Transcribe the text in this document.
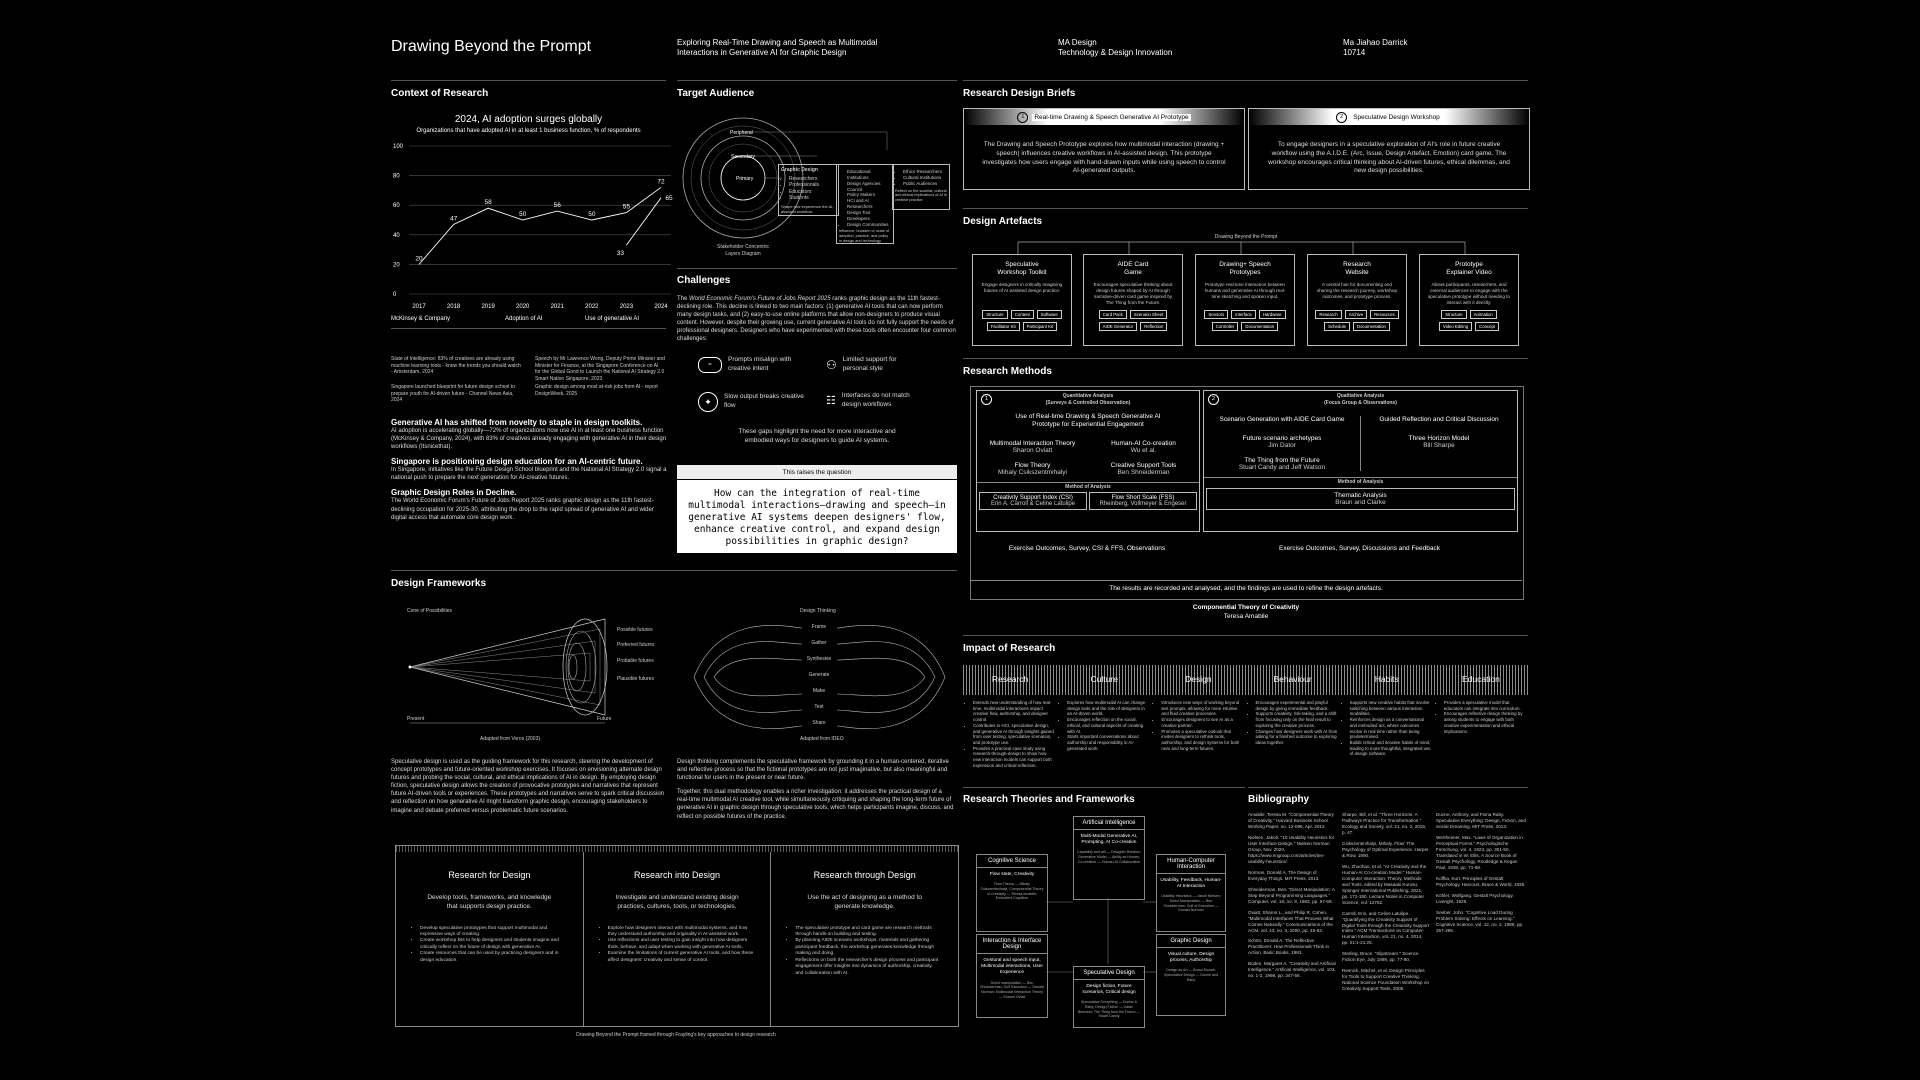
Drawing Beyond the Prompt	Exploring Real-Time Drawing and Speech as Multimodal
Interactions in Generative AI for Graphic Design
MA Design
Technology & Design Innovation
Ma Jiahao Darrick
10714
Context of Research
2024, AI adoption surges globally
Organizations that have adopted AI in at least 1 business function, % of respondents
0
20
40
60
80
100
2017	2018	2019	2020	2021	2022	2023	2024
20
47
58
50
56
50
55
72
33
65
McKinsey & Company	Adoption of AI	Use of generative AI
State of Intelligence: 83% of creatives are already using machine learning tools - know the trends you should watch - Amsterdam, 2024
Speech by Mr Lawrence Wong, Deputy Prime Minister and Minister for Finance, at the Singapore Conference on AI for the Global Good to Launch the National AI Strategy 2.0 Smart Nation Singapore, 2023
Singapore launched blueprint for future design school to prepare youth for AI-driven future - Channel News Asia, 2024
Graphic design among most at-risk jobs from AI - report DesignWeek, 2025
Generative AI has shifted from novelty to staple in design toolkits.
AI adoption is accelerating globally—72% of organizations now use AI in at least one business function (McKinsey & Company, 2024), with 83% of creatives already engaging with generative AI in their design workflows (Itsnicethat).
Singapore is positioning design education for an AI-centric future.
In Singapore, initiatives like the Future Design School blueprint and the National AI Strategy 2.0 signal a national push to prepare the next generation for AI-creative futures.
Graphic Design Roles in Decline.
The World Economic Forum's Future of Jobs Report 2025 ranks graphic design as the 11th fastest-declining occupation for 2025-30, attributing the drop to the rapid spread of generative AI and wider digital access that automate core design work.
Target Audience
Peripheral
Secondary
Primary
Stakeholder Concentric Layers Diagram
Graphic Design
• Researchers
• Professionals
• Educators
• Students
Shape and experience the AI-assisted workflow
• Educational Institutions
• Design Agencies
• Council
• Policy Makers
• HCI and AI Researchers
• Design Tool Developers
• Design Communities
Influence, broaden or scale of adoption, practice, and policy in design and technology
• Ethics Researchers
• Cultural Institutions
• Public Audiences
Reflect on the societal, cultural and ethical implications of AI in creative practice
Challenges
The World Economic Forum's Future of Jobs Report 2025 ranks graphic design as the 11th fastest-declining role. This decline is linked to two main factors: (1) generative AI tools that can now perform many design tasks, and (2) easy-to-use online platforms that allow non-designers to produce visual content. However, despite their growing use, current generative AI tools do not fully support the needs of professional designers. Designers who have experimented with these tools often encounter four common challenges:
≈
Prompts misalign with creative intent	⚇ Limited support for personal style
✦
Slow output breaks creative flow	☷ Interfaces do not match design workflows
These gaps highlight the need for more interactive and embodied ways for designers to guide AI systems.
This raises the question
How can the integration of real-time multimodal interactions—drawing and speech—in generative AI systems deepen designers' flow, enhance creative control, and expand design possibilities in graphic design?
Research Design Briefs
1	Real-time Drawing & Speech Generative AI Prototype
The Drawing and Speech Prototype explores how multimodal interaction (drawing + speech) influences creative workflows in AI-assisted design. This prototype investigates how users engage with hand-drawn inputs while using speech to control AI-generated outputs.
2	Speculative Design Workshop
To engage designers in a speculative exploration of AI's role in future creative workflow using the A.I.D.E. (Arc, Issue, Design Artefact, Emotion) card game. The workshop encourages critical thinking about AI-driven futures, ethical dilemmas, and new design possibilities.
Design Artefacts
Drawing Beyond the Prompt
Speculative
Workshop Toolkit
Engage designers in critically imagining futures of AI-assisted design practice.
Structure	Content	Software
Facilitator Kit	Participant Kit
AIDE Card
Game
Encourages speculative thinking about design futures shaped by AI through narrative-driven card game inspired by The Thing from the Future.
Card Pack	Scenario Sheet
AIDE Generator	Reflection
Drawing+ Speech
Prototypes
Prototype real-time interaction between humans and generative AI through real-time sketching and spoken input.
Sensors	Interface	Hardware
Controller	Documentation
Research
Website
A central hub for documenting and sharing the research journey, workshop outcomes, and prototype process.
Research	Archive	Resources
Schedule	Documentation
Prototype
Explainer Video
Allows participants, researchers, and external audiences to engage with the speculative prototype without needing to interact with it directly.
Structure	Animation
Video Editing	Concept
Research Methods
1	Quantitative Analysis
(Surveys & Controlled Observation)
Use of Real-time Drawing & Speech Generative AI
Prototype for Experiential Engagement
Multimodal Interaction Theory
Sharon Oviatt
Human-AI Co-creation
Wu et al.
Flow Theory
Mihaly Csikszentmihalyi
Creative Support Tools
Ben Shneiderman
Method of Analysis
Creativity Support Index (CSI)
Erin A. Carroll & Celine Latulipe
Flow Short Scale (FSS)
Rheinberg, Vollmeyer & Engeser
2	Qualitative Analysis
(Focus Group & Observations)
Scenario Generation with AIDE Card Game
Future scenario archetypes
Jim Dator
The Thing from the Future
Stuart Candy and Jeff Watson
Guided Reflection and Critical Discussion
Three Horizon Model
Bill Sharpe
Method of Analysis
Thematic Analysis
Braun and Clarke
Exercise Outcomes, Survey, CSI & FFS, Observations	Exercise Outcomes, Survey, Discussions and Feedback
The results are recorded and analysed, and the findings are used to refine the design artefacts.
Componential Theory of Creativity
Teresa Amabile
Design Frameworks
Cone of Possibilities
Possible futures
Preferred futures
Probable futures
Plausible futures
Present	Future
Adapted from Voros (2003)
Design Thinking
Frame
Gather
Synthesise
Generate
Make
Test
Share
Adapted from IDEO
Speculative design is used as the guiding framework for this research, steering the development of concept prototypes and future-oriented workshop exercises. It focuses on envisioning alternate design futures and probing the social, cultural, and ethical implications of AI in design. By employing design fiction, speculative design allows the creation of provocative prototypes and narratives that represent future AI-driven tools or experiences. These prototypes and narratives serve to spark critical discussion and reflection on how generative AI might transform graphic design, encouraging stakeholders to imagine and debate preferred versus problematic future scenarios.
Design thinking complements the speculative framework by grounding it in a human-centered, iterative and reflective process so that the fictional prototypes are not just imaginative, but also meaningful and functional for users in the present or near future.
Together, this dual methodology enables a richer investigation: it addresses the practical design of a real-time multimodal AI creative tool, while simultaneously critiquing and shaping the long-term future of generative AI in graphic design through speculative tools, which helps participants imagine, discuss, and reflect on possible futures of the practice.
Research for Design
Develop tools, frameworks, and knowledge that supports design practice.
• Develop speculative prototypes that support multimodal and expressive ways of creating.
• Create workshop kits to help designers and students imagine and critically reflect on the future of design with generative AI.
• Create resources that can be used by practicing designers and in design education.
Research into Design
Investigate and understand existing design practices, cultures, tools, or technologies.
• Explore how designers interact with multimodal systems, and how they understand authorship and originality in AI-assisted work.
• Use reflections and user testing to gain insight into how designers think, behave, and adapt when working with generative AI tools.
• Examine the limitations of current generative AI tools, and how these affect designers' creativity and sense of control.
Research through Design
Use the act of designing as a method to generate knowledge.
• The speculative prototype and card game are research methods through hands-on building and testing.
• By planning AIDE scenario workshops, materials and gathering participant feedback, the workshop generates knowledge through making and doing.
• Reflections on both the researcher's design process and participant engagement offer insights into dynamics of authorship, creativity, and collaboration with AI.
Drawing Beyond the Prompt framed through Frayling's key approaches to design research
Impact of Research
Research
• Extends new understanding of how real-time, multimodal interactions impact creative flow, authorship, and designer control.
• Contributes to HCI, speculative design, and generative AI through insights gained from user testing, speculative scenarios, and prototype use.
• Provides a practical case study using research-through-design to show how new interaction models can support both expression and critical reflection.
Culture
• Explores how multimodal AI can change design tools and the role of designers in an AI-driven world.
• Encourages reflection on the social, ethical, and cultural aspects of creating with AI.
• Starts important conversations about authorship and responsibility in AI-generated work.
Design
• Introduces new ways of working beyond text prompts, allowing for more intuitive and fluid creative processes.
• Encourages designers to see AI as a creative partner.
• Promotes a speculative outlook that invites designers to rethink tools, authorship, and design systems for both near and long-term futures.
Behaviour
• Encourages experimental and playful design by giving immediate feedback.
• Supports creativity, risk-taking, and a shift from focusing only on the final result to exploring the creative process.
• Changes how designers work with AI from asking for a finished outcome to exploring ideas together.
Habits
• Supports new creative habits that involve switching between various interaction modalities.
• Reinforces design as a conversational and embodied act, where outcomes evolve in real time rather than being predetermined.
• Builds critical and iterative habits of mind, leading to more thoughtful, integrated use of design software.
Education
• Provides a speculative model that educators can integrate into curriculum.
• Encourages reflective design thinking by asking students to engage with both creative experimentation and ethical implications.
Research Theories and Frameworks
Artificial Intelligence
Multi-Modal Generative AI, Prompting, AI Co-creation
Capability and will — Designer Relation; Generative Model — Ability as Human; Co-creation — Human-AI Collaboration
Cognitive Science
Flow state, Creativity
Flow Theory — Mihaly Csikszentmihalyi; Componential Theory of Creativity — Teresa Amabile; Embodied Cognition
Human-Computer Interaction
Usability, Feedback, Human-AI Interaction
Usability Heuristics — Jakob Nielsen; Direct Manipulation — Ben Shneiderman; Gulf of Execution — Donald Norman
Interaction & Interface Design
Gestural and speech input, Multimodal interactions, User Experience
Direct manipulation — Ben Shneiderman; Gulf Execution — Donald Norman; Multimodal Interaction Theory — Sharon Oviatt
Graphic Design
Visual culture, Design process, Authorship
Design as Art — Bruno Munari; Speculative Design — Dunne and Raby
Speculative Design
Design fiction, Future scenarios, Critical design
Speculative Everything — Dunne & Raby; Design Fiction — Julian Bleecker; The Thing from the Future — Stuart Candy
Bibliography
Amabile, Teresa M. "Componential Theory of Creativity." Harvard Business School Working Paper, no. 12-096, Apr. 2012.
Nielsen, Jakob. "10 Usability Heuristics for User Interface Design." Nielsen Norman Group, Nov. 2020, https://www.nngroup.com/articles/ten-usability-heuristics/.
Norman, Donald A. The Design of Everyday Things. MIT Press, 2013.
Shneiderman, Ben. "Direct Manipulation: A Step Beyond Programming Languages." Computer, vol. 16, no. 8, 1983, pp. 57-69.
Oviatt, Sharon L., and Philip R. Cohen. "Multimodal Interfaces That Process What Comes Naturally." Communications of the ACM, vol. 43, no. 3, 2000, pp. 45-53.
Schön, Donald A. The Reflective Practitioner: How Professionals Think in Action. Basic Books, 1983.
Boden, Margaret A. "Creativity and Artificial Intelligence." Artificial Intelligence, vol. 103, no. 1-2, 1998, pp. 347-56.
Sharpe, Bill, et al. "Three Horizons: A Pathways Practice for Transformation." Ecology and Society, vol. 21, no. 2, 2016, p. 47.
Csikszentmihalyi, Mihaly. Flow: The Psychology of Optimal Experience. Harper & Row, 1990.
Wu, Zhuohao, et al. "AI Creativity and the Human-AI Co-creation Model." Human-Computer Interaction: Theory, Methods and Tools, edited by Masaaki Kurosu, Springer International Publishing, 2021, pp. 171-190. Lecture Notes in Computer Science, vol. 12762.
Carroll, Erin, and Celine Latulipe. "Quantifying the Creativity Support of Digital Tools through the Creativity Support Index." ACM Transactions on Computer-Human Interaction, vol. 21, no. 4, 2014, pp. 21:1-21:25.
Sterling, Bruce. "Slipstream." Science Fiction Eye, July 1989, pp. 77-80.
Resnick, Mitchel, et al. Design Principles for Tools to Support Creative Thinking. National Science Foundation Workshop on Creativity Support Tools, 2005.
Dunne, Anthony, and Fiona Raby. Speculative Everything: Design, Fiction, and Social Dreaming. MIT Press, 2013.
Wertheimer, Max. "Laws of Organization in Perceptual Forms." Psychologische Forschung, vol. 4, 1923, pp. 301-50. Translated in W. Ellis, A Source Book of Gestalt Psychology, Routledge & Kegan Paul, 1938, pp. 71-88.
Koffka, Kurt. Principles of Gestalt Psychology. Harcourt, Brace & World, 1935.
Köhler, Wolfgang. Gestalt Psychology. Liveright, 1929.
Seeber, John. "Cognitive Load During Problem Solving: Effects on Learning." Cognitive Science, vol. 12, no. 2, 1988, pp. 257-285.
